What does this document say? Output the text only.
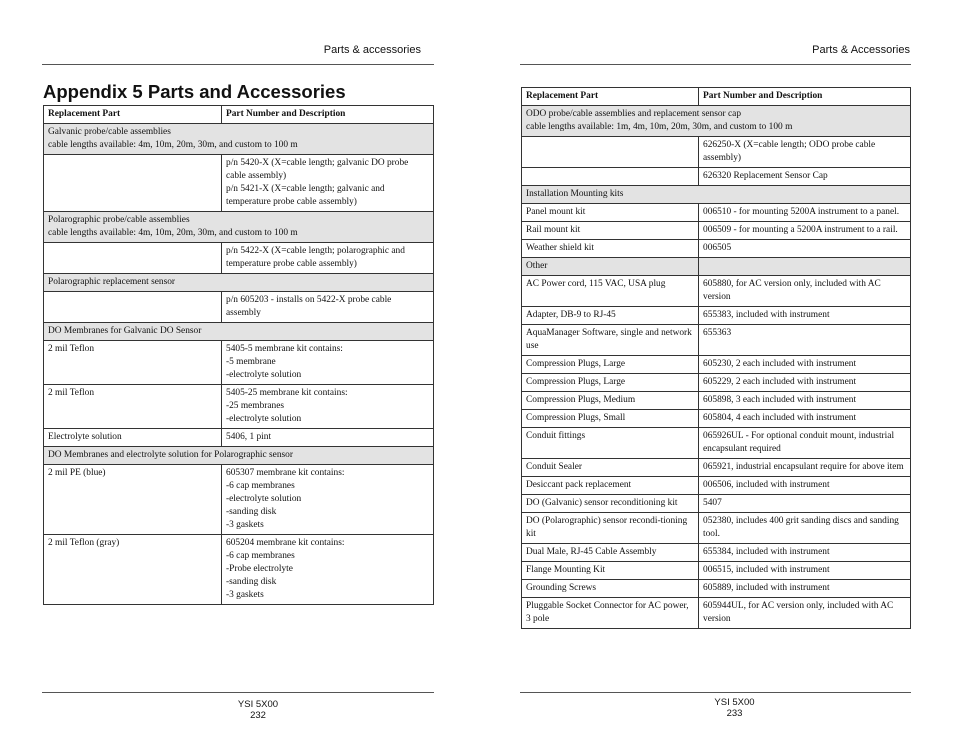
Parts & accessories
Appendix 5 Parts and Accessories
Replacement Part	Part Number and Description
Galvanic probe/cable assemblies
cable lengths available: 4m, 10m, 20m, 30m, and custom to 100 m	
	p/n 5420-X (X=cable length; galvanic DO probe cable assembly)
p/n 5421-X (X=cable length; galvanic and temperature probe cable assembly)
Polarographic probe/cable assemblies
cable lengths available: 4m, 10m, 20m, 30m, and custom to 100 m	
	p/n 5422-X (X=cable length; polarographic and temperature probe cable assembly)
Polarographic replacement sensor	
	p/n 605203 - installs on 5422-X probe cable assembly
DO Membranes for Galvanic DO Sensor	
2 mil Teflon	5405-5 membrane kit contains:
-5 membrane
-electrolyte solution
2 mil Teflon	5405-25 membrane kit contains:
-25 membranes
-electrolyte solution
Electrolyte solution	5406, 1 pint
DO Membranes and electrolyte solution for Polarographic sensor	
2 mil PE (blue)	605307 membrane kit contains:
-6 cap membranes
-electrolyte solution
-sanding disk
-3 gaskets
2 mil Teflon (gray)	605204 membrane kit contains:
-6 cap membranes
-Probe electrolyte
-sanding disk
-3 gaskets
YSI 5X00
232
Parts & Accessories
Replacement Part	Part Number and Description
ODO probe/cable assemblies and replacement sensor cap
cable lengths available: 1m, 4m, 10m, 20m, 30m, and custom to 100 m	
	626250-X (X=cable length; ODO probe cable assembly)
	626320 Replacement Sensor Cap
Installation Mounting kits	
Panel mount kit	006510 - for mounting 5200A instrument to a panel.
Rail mount kit	006509 - for mounting a 5200A instrument to a rail.
Weather shield kit	006505
Other	
AC Power cord, 115 VAC, USA plug	605880, for AC version only, included with AC version
Adapter, DB-9 to RJ-45	655383, included with instrument
AquaManager Software, single and network use	655363
Compression Plugs, Large	605230, 2 each included with instrument
Compression Plugs, Large	605229, 2 each included with instrument
Compression Plugs, Medium	605898, 3 each included with instrument
Compression Plugs, Small	605804, 4 each included with instrument
Conduit fittings	065926UL - For optional conduit mount, industrial encapsulant required
Conduit Sealer	065921, industrial encapsulant require for above item
Desiccant pack replacement	006506, included with instrument
DO (Galvanic) sensor reconditioning kit	5407
DO (Polarographic) sensor recondi-tioning kit	052380, includes 400 grit sanding discs and sanding tool.
Dual Male, RJ-45 Cable Assembly	655384, included with instrument
Flange Mounting Kit	006515, included with instrument
Grounding Screws	605889, included with instrument
Pluggable Socket Connector for AC power, 3 pole	605944UL, for AC version only, included with AC version
YSI 5X00
233
